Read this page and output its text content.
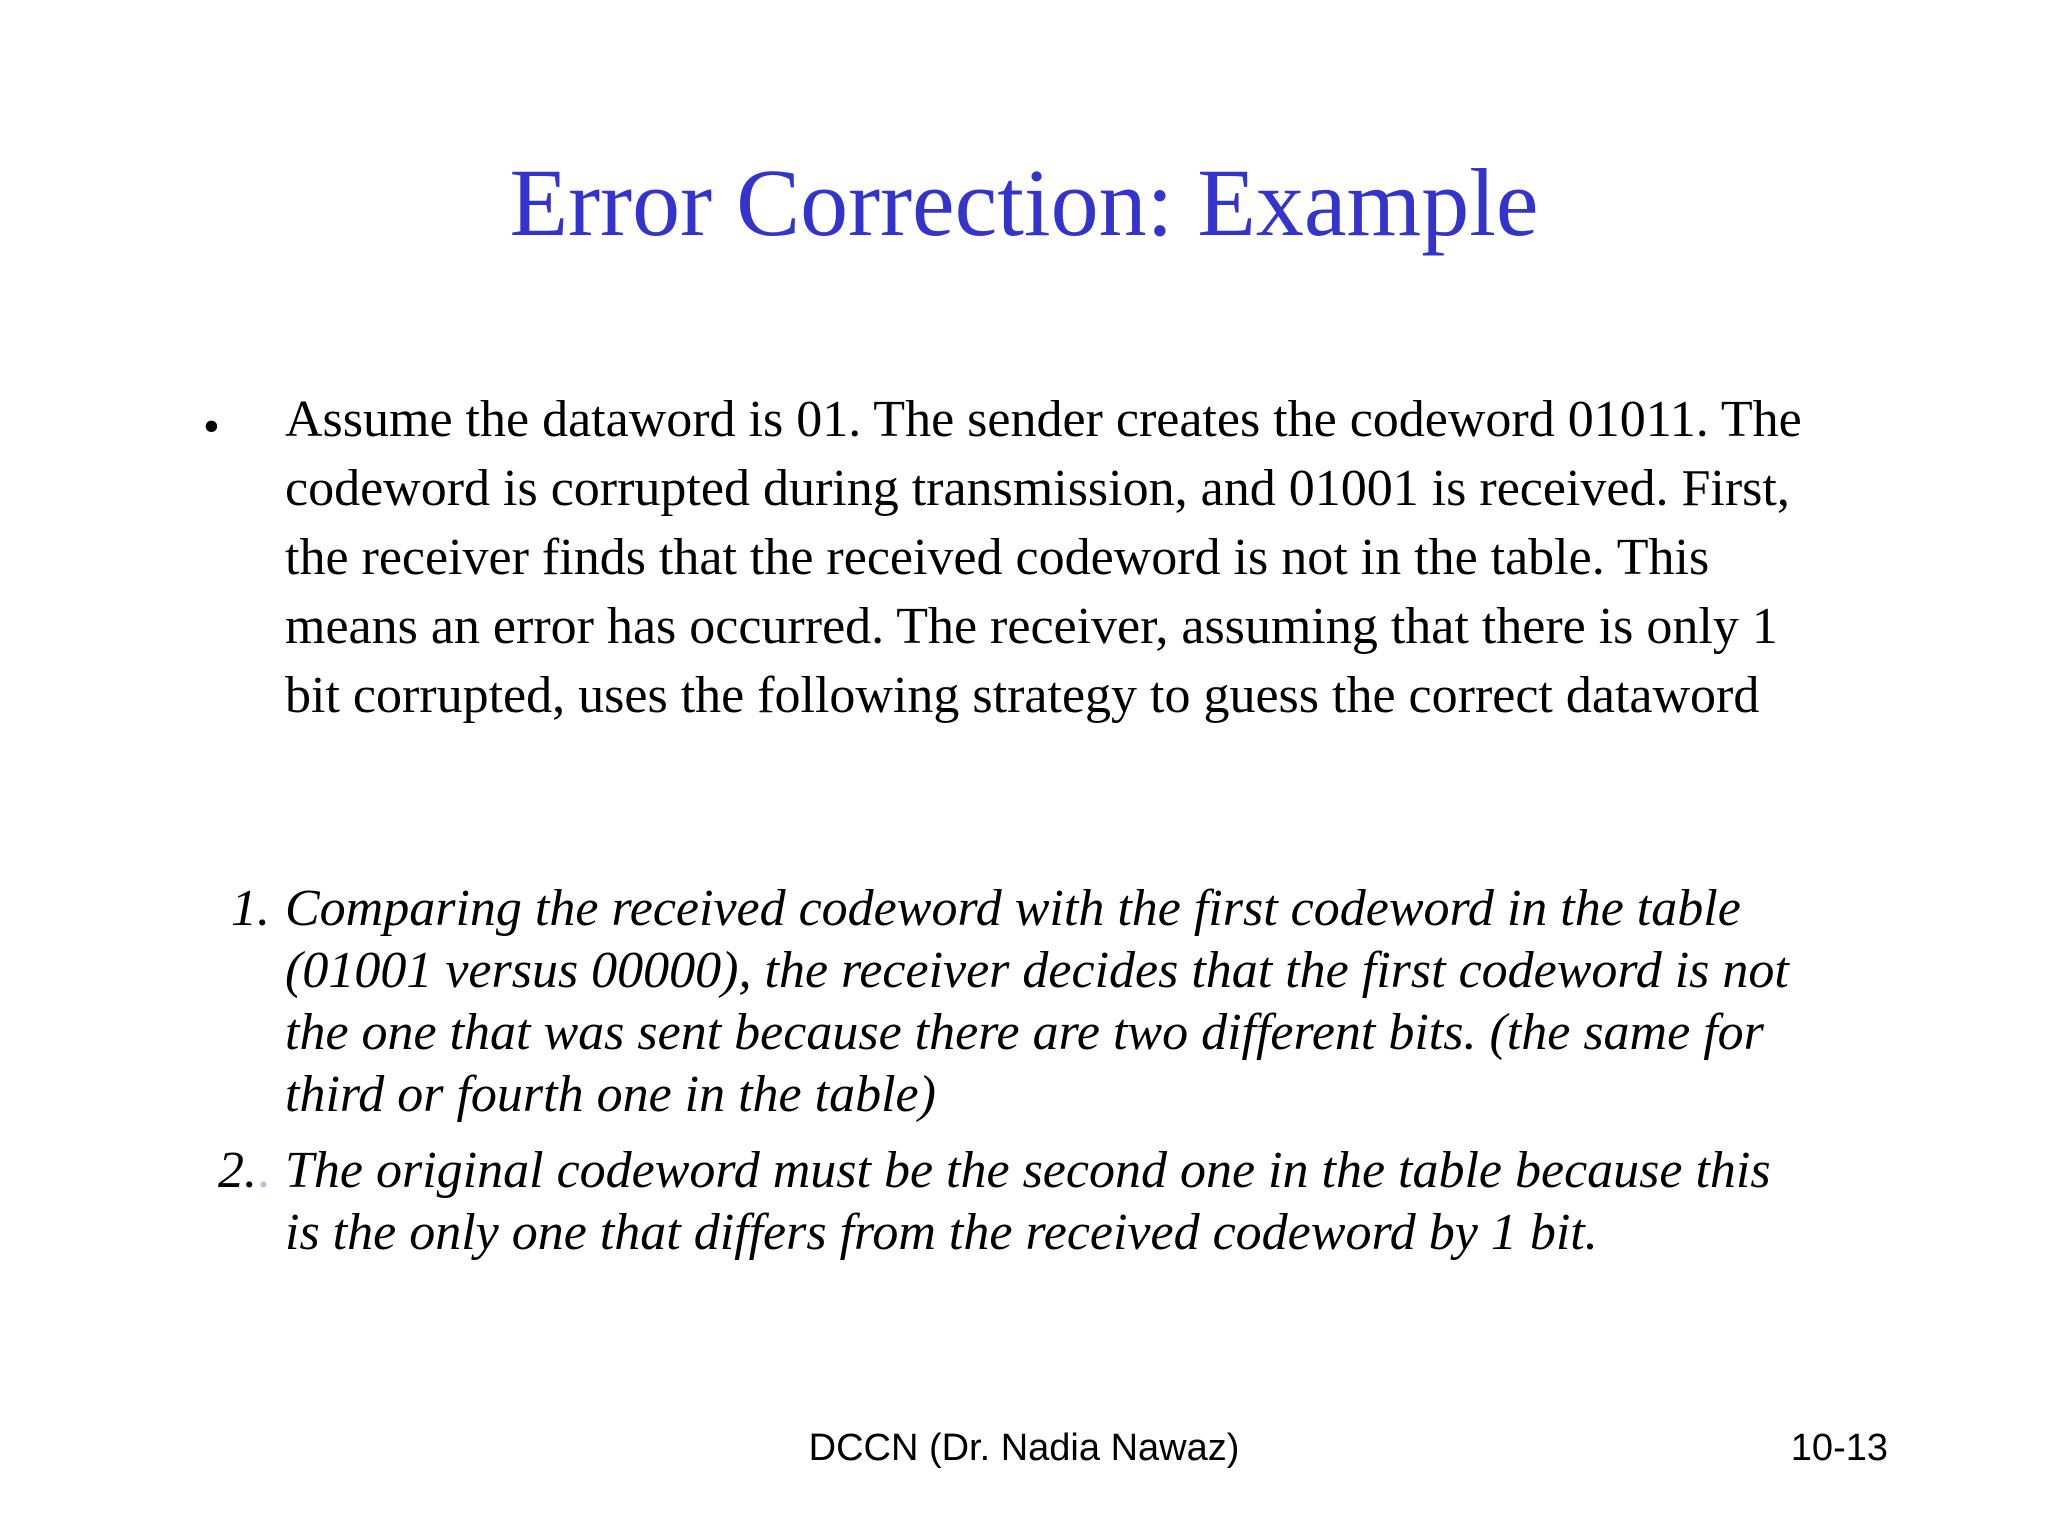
Error Correction: Example
• Assume the dataword is 01. The sender creates the codeword 01011. The codeword is corrupted during transmission, and 01001 is received. First, the receiver finds that the received codeword is not in the table. This means an error has occurred. The receiver, assuming that there is only 1 bit corrupted, uses the following strategy to guess the correct dataword

1. Comparing the received codeword with the first codeword in the table (01001 versus 00000), the receiver decides that the first codeword is not the one that was sent because there are two different bits. (the same for third or fourth one in the table)
2.. The original codeword must be the second one in the table because this is the only one that differs from the received codeword by 1 bit.
DCCN (Dr. Nadia Nawaz)	10-13
